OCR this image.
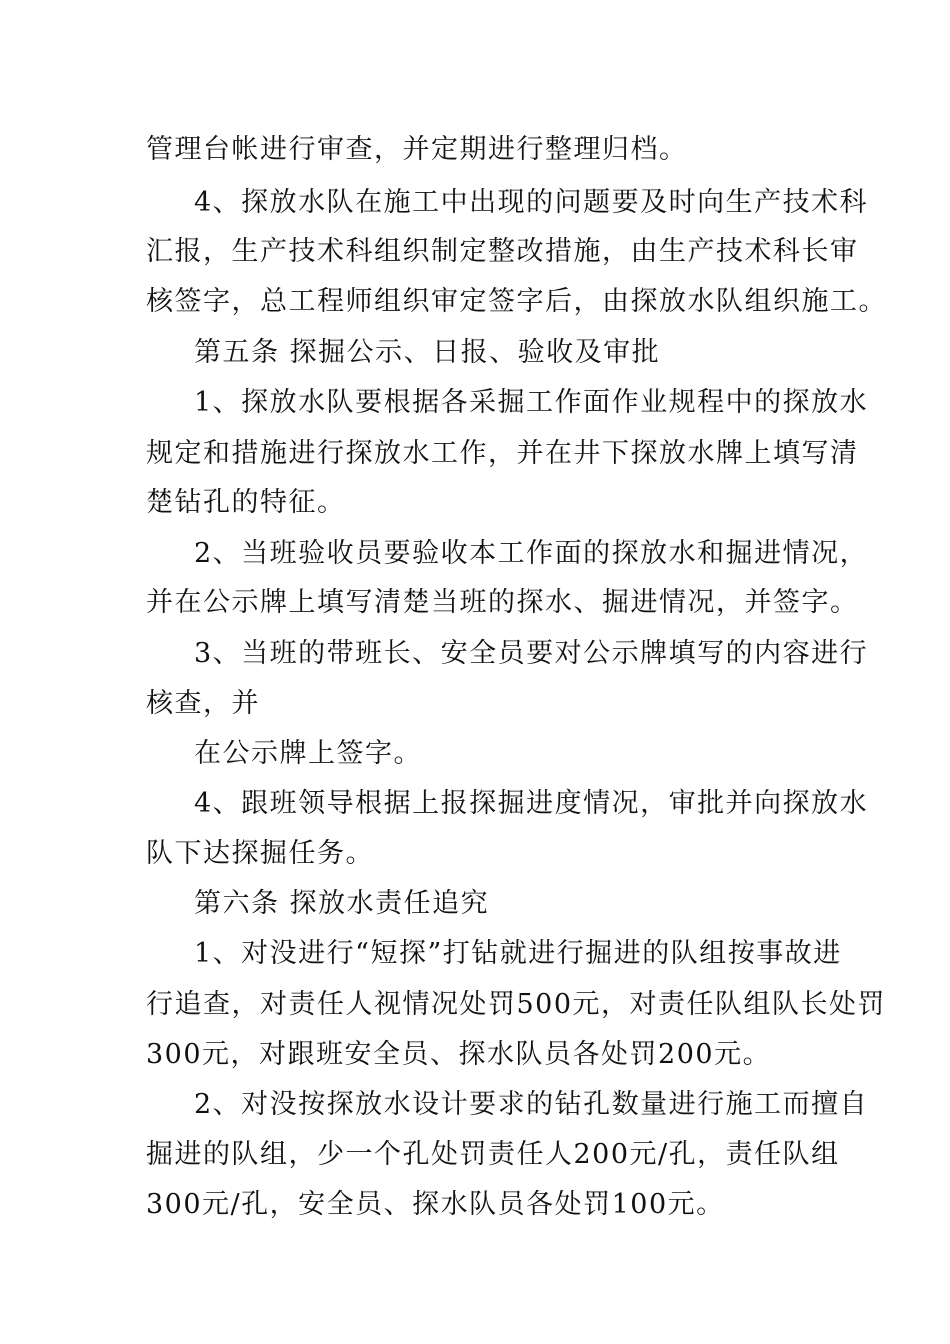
管理台帐进行审查，并定期进行整理归档。
4、探放水队在施工中出现的问题要及时向生产技术科
汇报，生产技术科组织制定整改措施，由生产技术科长审
核签字，总工程师组织审定签字后，由探放水队组织施工。
第五条 探掘公示、日报、验收及审批
1、探放水队要根据各采掘工作面作业规程中的探放水
规定和措施进行探放水工作，并在井下探放水牌上填写清
楚钻孔的特征。
2、当班验收员要验收本工作面的探放水和掘进情况，
并在公示牌上填写清楚当班的探水、掘进情况，并签字。
3、当班的带班长、安全员要对公示牌填写的内容进行
核查，并
在公示牌上签字。
4、跟班领导根据上报探掘进度情况，审批并向探放水
队下达探掘任务。
第六条 探放水责任追究
1、对没进行“短探”打钻就进行掘进的队组按事故进
行追查，对责任人视情况处罚500元，对责任队组队长处罚
300元，对跟班安全员、探水队员各处罚200元。
2、对没按探放水设计要求的钻孔数量进行施工而擅自
掘进的队组，少一个孔处罚责任人200元/孔，责任队组
300元/孔，安全员、探水队员各处罚100元。
